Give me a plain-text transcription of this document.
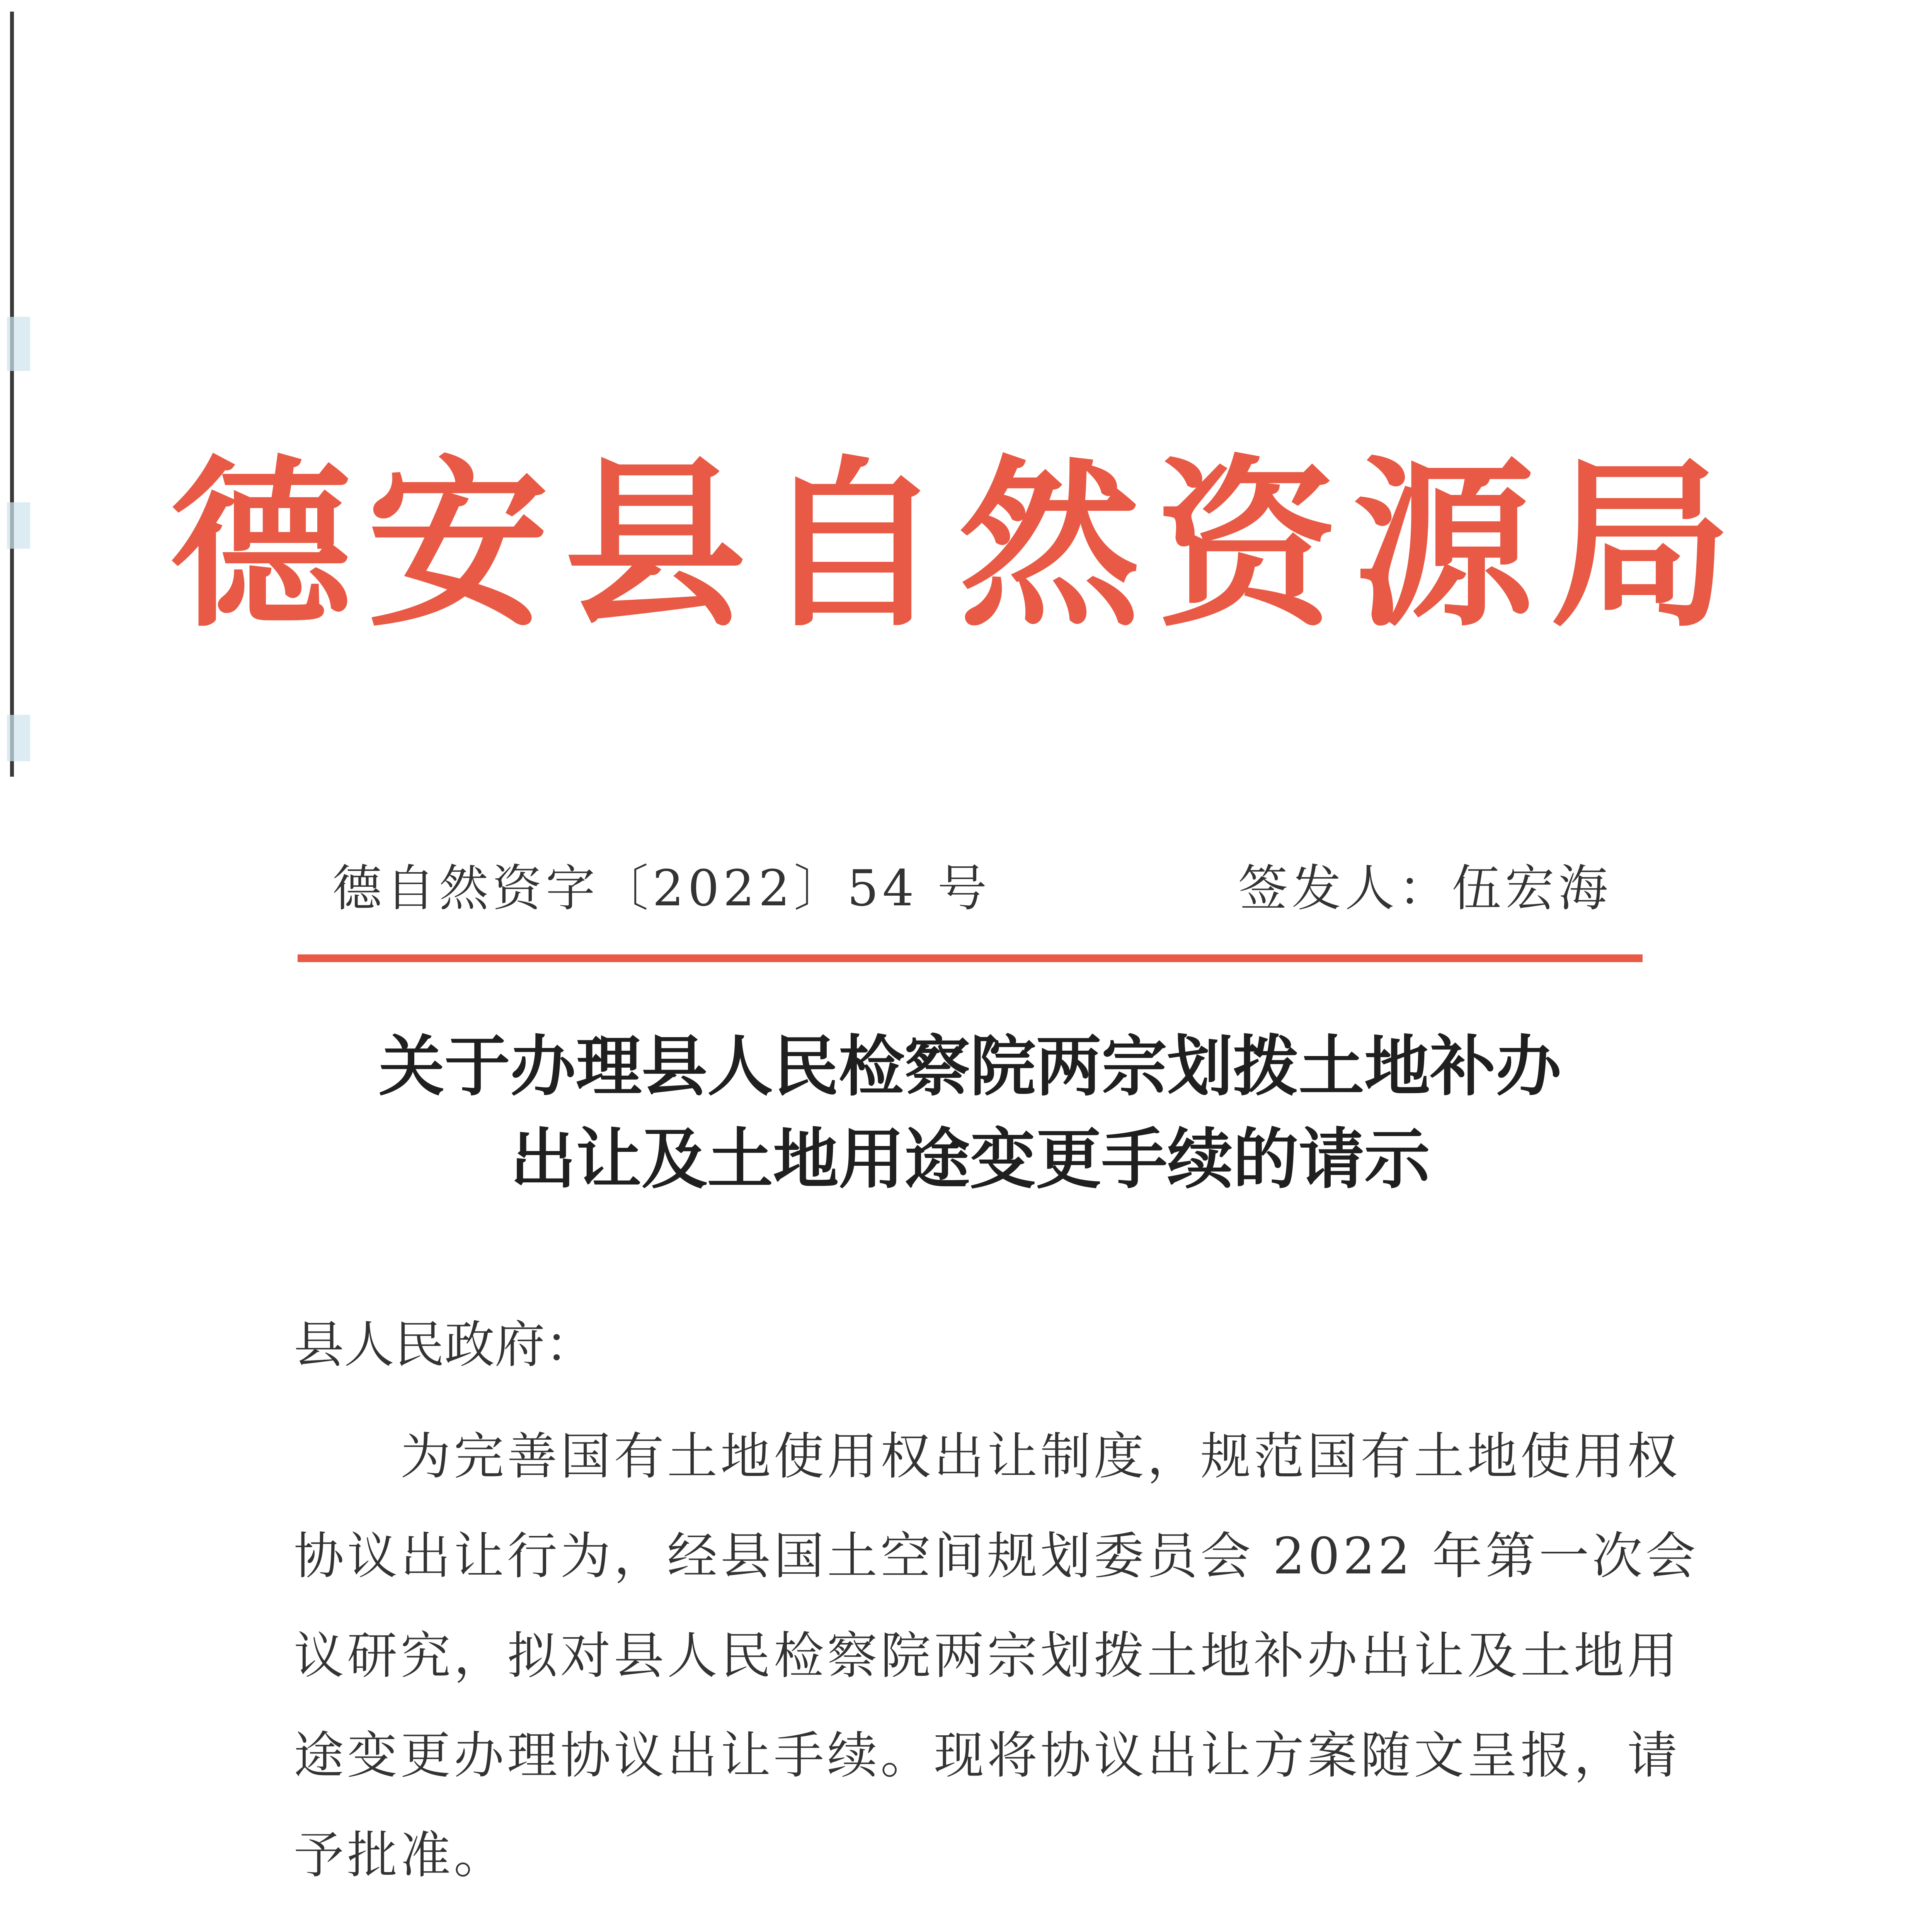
德安县自然资源局
德自然资字〔2022〕54 号	签发人：伍宏海
关于办理县人民检察院两宗划拨土地补办
出让及土地用途变更手续的请示
县人民政府：
　　为完善国有土地使用权出让制度，规范国有土地使用权
协议出让行为，经县国土空间规划委员会 2022 年第一次会
议研究，拟对县人民检察院两宗划拨土地补办出让及土地用
途变更办理协议出让手续。现将协议出让方案随文呈报，请
予批准。
